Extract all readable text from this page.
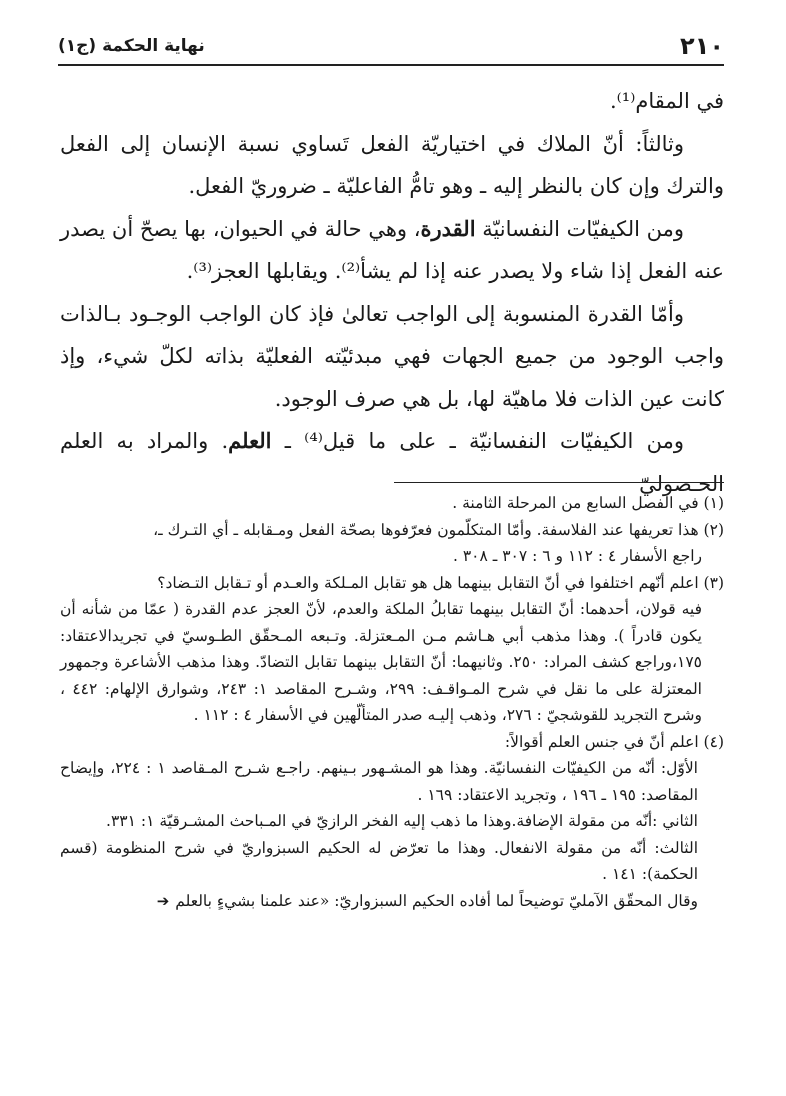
٢١٠
نهاية الحكمة (ج١)

في المقام⁽¹⁾.

وثالثاً: أنّ الملاك في اختياريّة الفعل تَساوي نسبة الإنسان إلى الفعل والترك وإن كان بالنظر إليه ـ وهو تامُّ الفاعليّة ـ ضروريّ الفعل.

ومن الكيفيّات النفسانيّة القدرة، وهي حالة في الحيوان، بها يصحّ أن يصدر عنه الفعل إذا شاء ولا يصدر عنه إذا لم يشأ⁽²⁾. ويقابلها العجز⁽³⁾.

وأمّا القدرة المنسوبة إلى الواجب تعالىٰ فإذ كان الواجب الوجـود بـالذات واجب الوجود من جميع الجهات فهي مبدئيّته الفعليّة بذاته لكلّ شيء، وإذ كانت عين الذات فلا ماهيّة لها، بل هي صرف الوجود.

ومن الكيفيّات النفسانيّة ـ على ما قيل⁽⁴⁾ ـ العلم. والمراد به العلم الحـصوليّ

(١) في الفصل السابع من المرحلة الثامنة .

(٢) هذا تعريفها عند الفلاسفة. وأمّا المتكلّمون فعرّفوها بصحّة الفعل ومـقابله ـ أي التـرك ـ،

راجع الأسفار ٤ : ١١٢ و ٦ : ٣٠٧ ـ ٣٠٨ .

(٣) اعلم أنّهم اختلفوا في أنّ التقابل بينهما هل هو تقابل المـلكة والعـدم أو تـقابل التـضاد؟

فيه قولان، أحدهما: أنّ التقابل بينهما تقابلُ الملكة والعدم، لأنّ العجز عدم القدرة ( عمّا من شأنه أن يكون قادراً ). وهذا مذهب أبي هـاشم مـن المـعتزلة. وتـبعه المـحقّق الطـوسيّ في تجريدالاعتقاد: ١٧٥،وراجع كشف المراد: ٢٥٠. وثانيهما: أنّ التقابل بينهما تقابل التضادّ. وهذا مذهب الأشاعرة وجمهور المعتزلة على ما نقل في شرح المـواقـف: ٢٩٩، وشـرح المقاصد ١: ٢٤٣، وشوارق الإلهام: ٤٤٢ ، وشرح التجريد للقوشجيّ : ٢٧٦، وذهب إليـه صدر المتألّهين في الأسفار ٤ : ١١٢ .

(٤) اعلم أنّ في جنس العلم أقوالاً:

الأوّل: أنّه من الكيفيّات النفسانيّة. وهذا هو المشـهور بـينهم. راجـع شـرح المـقاصد ١ : ٢٢٤، وإيضاح المقاصد: ١٩٥ ـ ١٩٦ ، وتجريد الاعتقاد: ١٦٩ .

الثاني :أنّه من مقولة الإضافة.وهذا ما ذهب إليه الفخر الرازيّ في المـباحث المشـرقيّة ١: ٣٣١.

الثالث: أنّه من مقولة الانفعال. وهذا ما تعرّض له الحكيم السبزواريّ في شرح المنظومة (قسم الحكمة): ١٤١ .

وقال المحقّق الآمليّ توضيحاً لما أفاده الحكيم السبزواريّ: «عند علمنا بشيءٍ بالعلم➔
